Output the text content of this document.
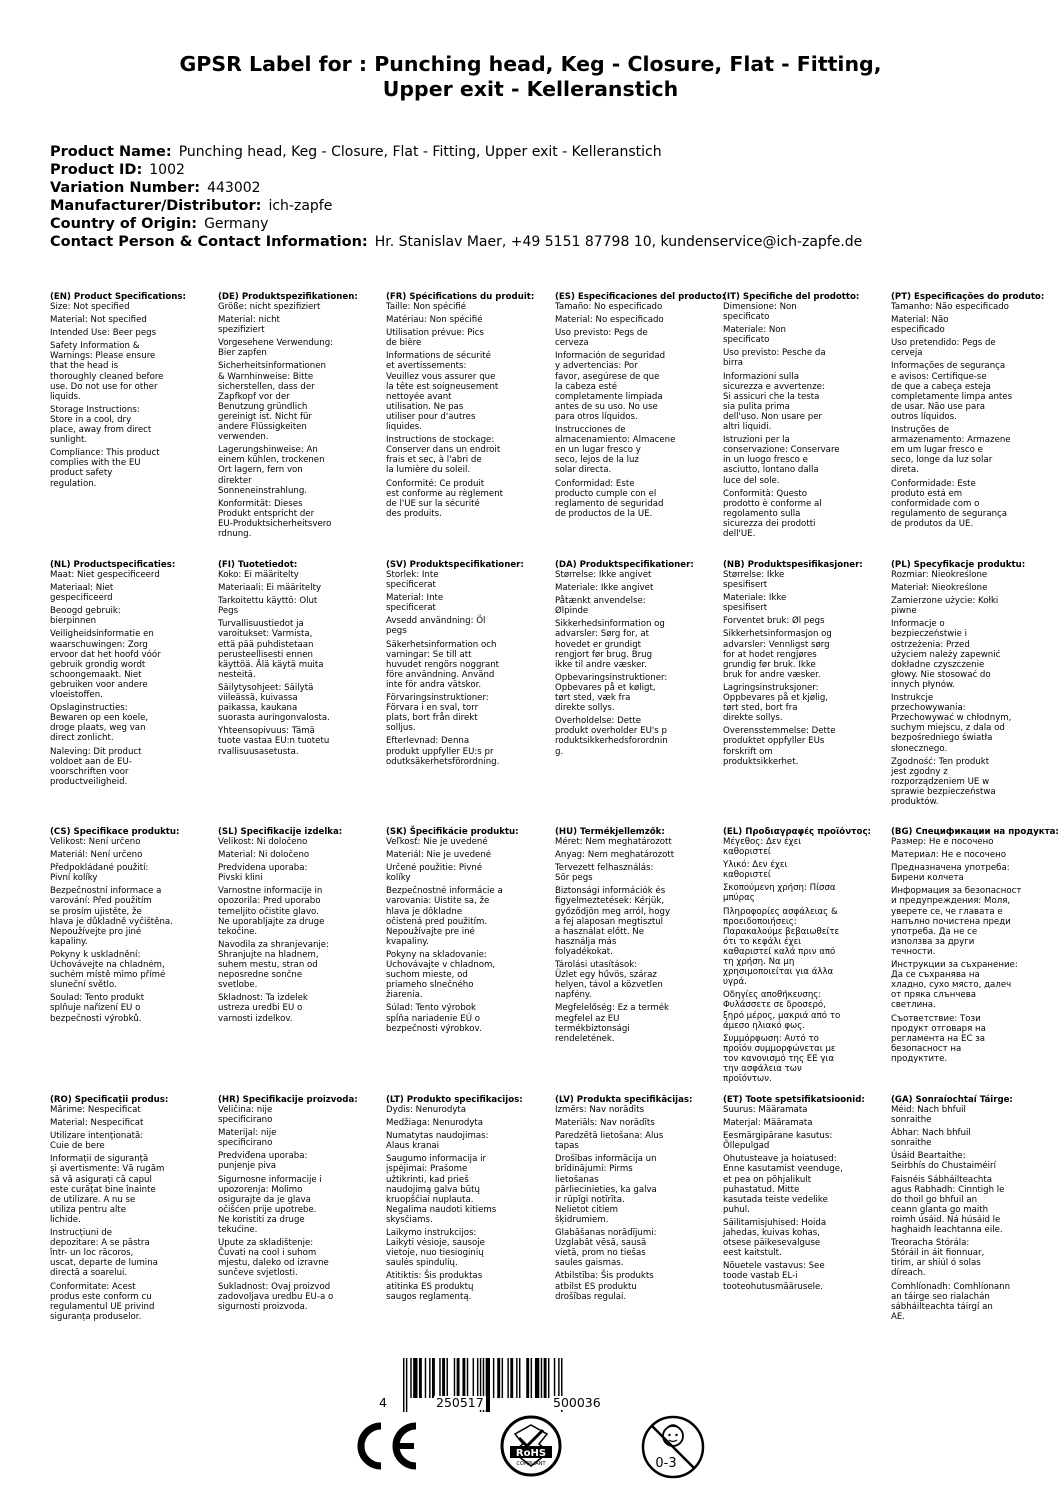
GPSR Label for : Punching head, Keg - Closure, Flat - Fitting,
Upper exit - Kelleranstich
Product Name: Punching head, Keg - Closure, Flat - Fitting, Upper exit - Kelleranstich
Product ID: 1002
Variation Number: 443002
Manufacturer/Distributor: ich-zapfe
Country of Origin: Germany
Contact Person & Contact Information: Hr. Stanislav Maer, +49 5151 87798 10, kundenservice@ich-zapfe.de
(EN) Product Specifications:

Size: Not specified

Material: Not specified

Intended Use: Beer pegs

Safety Information &
Warnings: Please ensure
that the head is
thoroughly cleaned before
use. Do not use for other
liquids.

Storage Instructions:
Store in a cool, dry
place, away from direct
sunlight.

Compliance: This product
complies with the EU
product safety
regulation.

(DE) Produktspezifikationen:

Größe: nicht spezifiziert

Material: nicht
spezifiziert

Vorgesehene Verwendung:
Bier zapfen

Sicherheitsinformationen
& Warnhinweise: Bitte
sicherstellen, dass der
Zapfkopf vor der
Benutzung gründlich
gereinigt ist. Nicht für
andere Flüssigkeiten
verwenden.

Lagerungshinweise: An
einem kühlen, trockenen
Ort lagern, fern von
direkter
Sonneneinstrahlung.

Konformität: Dieses
Produkt entspricht der
EU-Produktsicherheitsvero
rdnung.

(FR) Spécifications du produit:

Taille: Non spécifié

Matériau: Non spécifié

Utilisation prévue: Pics
de bière

Informations de sécurité
et avertissements:
Veuillez vous assurer que
la tête est soigneusement
nettoyée avant
utilisation. Ne pas
utiliser pour d'autres
liquides.

Instructions de stockage:
Conserver dans un endroit
frais et sec, à l'abri de
la lumière du soleil.

Conformité: Ce produit
est conforme au règlement
de l'UE sur la sécurité
des produits.

(ES) Especificaciones del producto:

Tamaño: No especificado

Material: No especificado

Uso previsto: Pegs de
cerveza

Información de seguridad
y advertencias: Por
favor, asegúrese de que
la cabeza esté
completamente limpiada
antes de su uso. No use
para otros líquidos.

Instrucciones de
almacenamiento: Almacene
en un lugar fresco y
seco, lejos de la luz
solar directa.

Conformidad: Este
producto cumple con el
reglamento de seguridad
de productos de la UE.

(IT) Specifiche del prodotto:

Dimensione: Non
specificato

Materiale: Non
specificato

Uso previsto: Pesche da
birra

Informazioni sulla
sicurezza e avvertenze:
Si assicuri che la testa
sia pulita prima
dell'uso. Non usare per
altri liquidi.

Istruzioni per la
conservazione: Conservare
in un luogo fresco e
asciutto, lontano dalla
luce del sole.

Conformità: Questo
prodotto è conforme al
regolamento sulla
sicurezza dei prodotti
dell'UE.

(PT) Especificações do produto:

Tamanho: Não especificado

Material: Não
especificado

Uso pretendido: Pegs de
cerveja

Informações de segurança
e avisos: Certifique-se
de que a cabeça esteja
completamente limpa antes
de usar. Não use para
outros líquidos.

Instruções de
armazenamento: Armazene
em um lugar fresco e
seco, longe da luz solar
direta.

Conformidade: Este
produto está em
conformidade com o
regulamento de segurança
de produtos da UE.

(NL) Productspecificaties:

Maat: Niet gespecificeerd

Materiaal: Niet
gespecificeerd

Beoogd gebruik:
bierpinnen

Veiligheidsinformatie en
waarschuwingen: Zorg
ervoor dat het hoofd vóór
gebruik grondig wordt
schoongemaakt. Niet
gebruiken voor andere
vloeistoffen.

Opslaginstructies:
Bewaren op een koele,
droge plaats, weg van
direct zonlicht.

Naleving: Dit product
voldoet aan de EU-
voorschriften voor
productveiligheid.

(FI) Tuotetiedot:

Koko: Ei määritelty

Materiaali: Ei määritelty

Tarkoitettu käyttö: Olut
Pegs

Turvallisuustiedot ja
varoitukset: Varmista,
että pää puhdistetaan
perusteellisesti ennen
käyttöä. Älä käytä muita
nesteitä.

Säilytysohjeet: Säilytä
viileässä, kuivassa
paikassa, kaukana
suorasta auringonvalosta.

Yhteensopivuus: Tämä
tuote vastaa EU:n tuotetu
rvallisuusasetusta.

(SV) Produktspecifikationer:

Storlek: Inte
specificerat

Material: Inte
specificerat

Avsedd användning: Öl
pegs

Säkerhetsinformation och
varningar: Se till att
huvudet rengörs noggrant
före användning. Använd
inte för andra vätskor.

Förvaringsinstruktioner:
Förvara i en sval, torr
plats, bort från direkt
solljus.

Efterlevnad: Denna
produkt uppfyller EU:s pr
odutksäkerhetsförordning.

(DA) Produktspecifikationer:

Størrelse: Ikke angivet

Materiale: Ikke angivet

Påtænkt anvendelse:
Ølpinde

Sikkerhedsinformation og
advarsler: Sørg for, at
hovedet er grundigt
rengjort før brug. Brug
ikke til andre væsker.

Opbevaringsinstruktioner:
Opbevares på et køligt,
tørt sted, væk fra
direkte sollys.

Overholdelse: Dette
produkt overholder EU's p
roduktsikkerhedsforordnin
g.

(NB) Produktspesifikasjoner:

Størrelse: Ikke
spesifisert

Materiale: Ikke
spesifisert

Forventet bruk: Øl pegs

Sikkerhetsinformasjon og
advarsler: Vennligst sørg
for at hodet rengjøres
grundig før bruk. Ikke
bruk for andre væsker.

Lagringsinstruksjoner:
Oppbevares på et kjølig,
tørt sted, bort fra
direkte sollys.

Overensstemmelse: Dette
produktet oppfyller EUs
forskrift om
produktsikkerhet.

(PL) Specyfikacje produktu:

Rozmiar: Nieokreślone

Materiał: Nieokreślone

Zamierzone użycie: Kołki
piwne

Informacje o
bezpieczeństwie i
ostrzeżenia: Przed
użyciem należy zapewnić
dokładne czyszczenie
głowy. Nie stosować do
innych płynów.

Instrukcje
przechowywania:
Przechowywać w chłodnym,
suchym miejscu, z dala od
bezpośredniego światła
słonecznego.

Zgodność: Ten produkt
jest zgodny z
rozporządzeniem UE w
sprawie bezpieczeństwa
produktów.

(CS) Specifikace produktu:

Velikost: Není určeno

Materiál: Není určeno

Předpokládané použití:
Pivní kolíky

Bezpečnostní informace a
varování: Před použitím
se prosím ujistěte, že
hlava je důkladně vyčištěna.
Nepoužívejte pro jiné
kapaliny.

Pokyny k uskladnění:
Uchovávejte na chladném,
suchém místě mimo přímé
sluneční světlo.

Soulad: Tento produkt
splňuje nařízení EU o
bezpečnosti výrobků.

(SL) Specifikacije izdelka:

Velikost: Ni določeno

Material: Ni določeno

Predvidena uporaba:
Pivski klini

Varnostne informacije in
opozorila: Pred uporabo
temeljito očistite glavo.
Ne uporabljajte za druge
tekočine.

Navodila za shranjevanje:
Shranjujte na hladnem,
suhem mestu, stran od
neposredne sončne
svetlobe.

Skladnost: Ta izdelek
ustreza uredbi EU o
varnosti izdelkov.

(SK) Špecifikácie produktu:

Veľkosť: Nie je uvedené

Materiál: Nie je uvedené

Určené použitie: Pivné
kolíky

Bezpečnostné informácie a
varovania: Uistite sa, že
hlava je dôkladne
očistená pred použitím.
Nepoužívajte pre iné
kvapaliny.

Pokyny na skladovanie:
Uchovávajte v chladnom,
suchom mieste, od
priameho slnečného
žiarenia.

Súlad: Tento výrobok
spĺňa nariadenie EÚ o
bezpečnosti výrobkov.

(HU) Termékjellemzők:

Méret: Nem meghatározott

Anyag: Nem meghatározott

Tervezett felhasználás:
Sör pegs

Biztonsági információk és
figyelmeztetések: Kérjük,
győződjön meg arról, hogy
a fej alaposan megtisztul
a használat előtt. Ne
használja más
folyadékokat.

Tárolási utasítások:
Üzlet egy hűvös, száraz
helyen, távol a közvetlen
napfény.

Megfelelőség: Ez a termék
megfelel az EU
termékbiztonsági
rendeletének.

(EL) Προδιαγραφές προϊόντος:

Μέγεθος: Δεν έχει
καθοριστεί

Υλικό: Δεν έχει
καθοριστεί

Σκοπούμενη χρήση: Πίσσα
μπύρας

Πληροφορίες ασφάλειας &
προειδοποιήσεις:
Παρακαλούμε βεβαιωθείτε
ότι το κεφάλι έχει
καθαριστεί καλά πριν από
τη χρήση. Να μη
χρησιμοποιείται για άλλα
υγρά.

Οδηγίες αποθήκευσης:
Φυλάσσετε σε δροσερό,
ξηρό μέρος, μακριά από το
άμεσο ηλιακό φως.

Συμμόρφωση: Αυτό το
προϊόν συμμορφώνεται με
τον κανονισμό της ΕΕ για
την ασφάλεια των
προϊόντων.

(BG) Спецификации на продукта:

Размер: Не е посочено

Материал: Не е посочено

Предназначена употреба:
Бирени колчета

Информация за безопасност
и предупреждения: Моля,
уверете се, че главата е
напълно почистена преди
употреба. Да не се
използва за други
течности.

Инструкции за съхранение:
Да се съхранява на
хладно, сухо място, далеч
от пряка слънчева
светлина.

Съответствие: Този
продукт отговаря на
регламента на ЕС за
безопасност на
продуктите.

(RO) Specificații produs:

Mărime: Nespecificat

Material: Nespecificat

Utilizare intenționată:
Cuie de bere

Informații de siguranță
și avertismente: Vă rugăm
să vă asigurați că capul
este curățat bine înainte
de utilizare. A nu se
utiliza pentru alte
lichide.

Instrucțiuni de
depozitare: A se păstra
într- un loc răcoros,
uscat, departe de lumina
directă a soarelui.

Conformitate: Acest
produs este conform cu
regulamentul UE privind
siguranța produselor.

(HR) Specifikacije proizvoda:

Veličina: nije
specificirano

Materijal: nije
specificirano

Predviđena uporaba:
punjenje piva

Sigurnosne informacije i
upozorenja: Molimo
osigurajte da je glava
očišćen prije upotrebe.
Ne koristiti za druge
tekućine.

Upute za skladištenje:
Čuvati na cool i suhom
mjestu, daleko od izravne
sunčeve svjetlosti.

Sukladnost: Ovaj proizvod
zadovoljava uredbu EU-a o
sigurnosti proizvoda.

(LT) Produkto specifikacijos:

Dydis: Nenurodyta

Medžiaga: Nenurodyta

Numatytas naudojimas:
Alaus kranai

Saugumo informacija ir
įspėjimai: Prašome
užtikrinti, kad prieš
naudojimą galva būtų
kruopščiai nuplauta.
Negalima naudoti kitiems
skysčiams.

Laikymo instrukcijos:
Laikyti vėsioje, sausoje
vietoje, nuo tiesioginių
saulės spindulių.

Atitiktis: Šis produktas
atitinka ES produktų
saugos reglamentą.

(LV) Produkta specifikācijas:

Izmērs: Nav norādīts

Materiāls: Nav norādīts

Paredzētā lietošana: Alus
tapas

Drošības informācija un
brīdinājumi: Pirms
lietošanas
pārliecinieties, ka galva
ir rūpīgi notīrīta.
Nelietot citiem
šķidrumiem.

Glabāšanas norādījumi:
Uzglabāt vēsā, sausā
vietā, prom no tiešas
saules gaismas.

Atbilstība: Šis produkts
atbilst ES produktu
drošības regulai.

(ET) Toote spetsifikatsioonid:

Suurus: Määramata

Materjal: Määramata

Eesmärgipärane kasutus:
Õllepulgad

Ohutusteave ja hoiatused:
Enne kasutamist veenduge,
et pea on põhjalikult
puhastatud. Mitte
kasutada teiste vedelike
puhul.

Säilitamisjuhised: Hoida
jahedas, kuivas kohas,
otsese päikesevalguse
eest kaitstult.

Nõuetele vastavus: See
toode vastab EL-i
tooteohutusmäärusele.

(GA) Sonraíochtaí Táirge:

Méid: Nach bhfuil
sonraithe

Ábhar: Nach bhfuil
sonraithe

Úsáid Beartaithe:
Seirbhís do Chustaiméirí

Faisnéis Sábháilteachta
agus Rabhadh: Cinntigh le
do thoil go bhfuil an
ceann glanta go maith
roimh úsáid. Ná húsáid le
haghaidh leachtanna eile.

Treoracha Stórála:
Stóráil in áit fionnuar,
tirim, ar shiúl ó solas
díreach.

Comhlíonadh: Comhlíonann
an táirge seo rialachán
sábháilteachta táirgí an
AE.

4	250517	500036
CE
RoHS
COMPLIANT	0-3
